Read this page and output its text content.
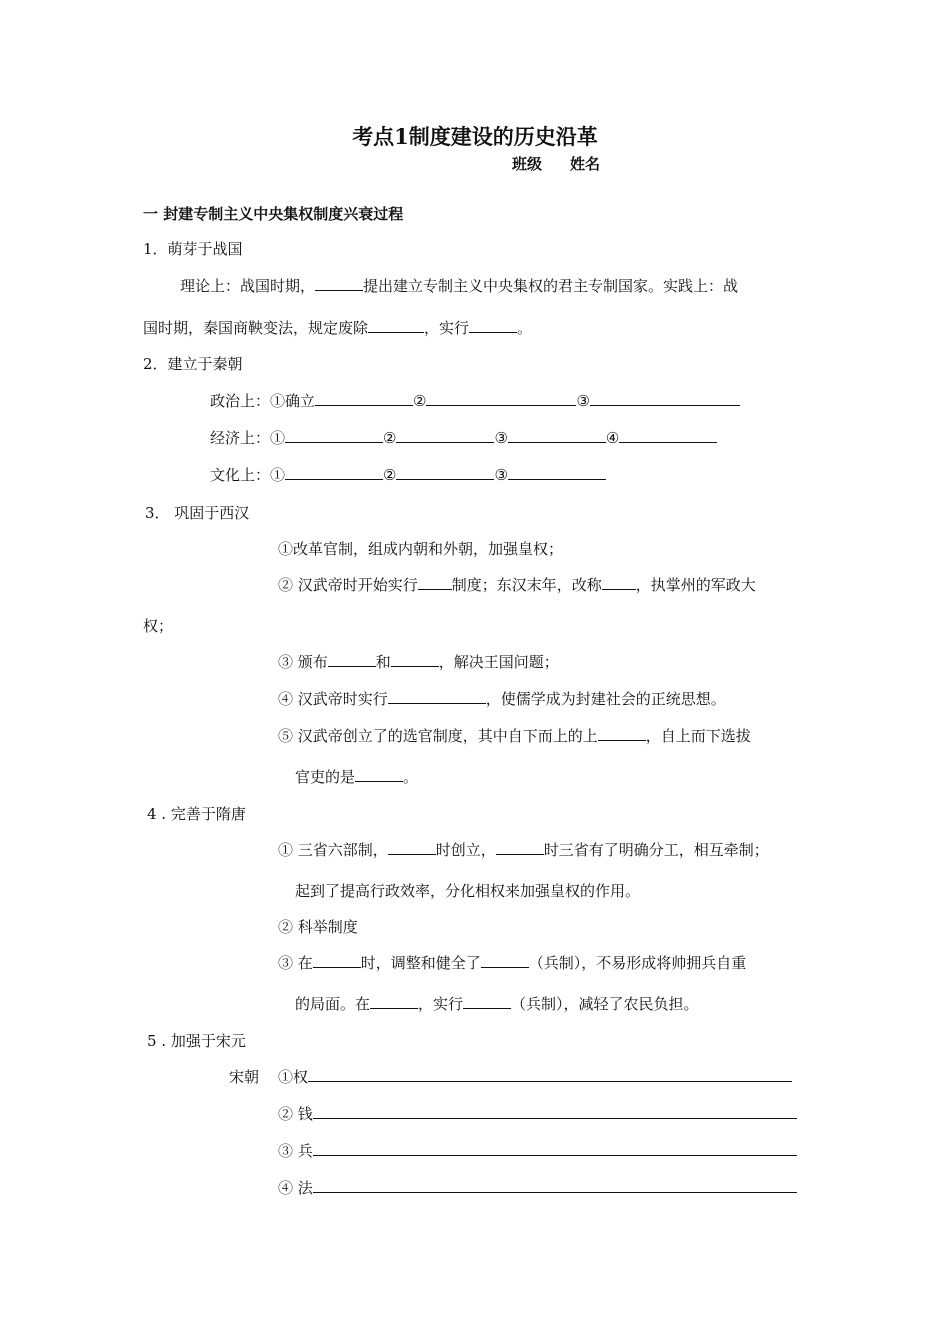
考点1制度建设的历史沿革
班级 姓名
一 封建专制主义中央集权制度兴衰过程
1．萌芽于战国
理论上：战国时期，	提出建立专制主义中央集权的君主专制国家。实践上：战
国时期，秦国商鞅变法，规定废除	，实行	。
2．建立于秦朝
政治上：①确立	②	③
经济上：①	②	③	④
文化上：①	②	③
3． 巩固于西汉
①改革官制，组成内朝和外朝，加强皇权；
② 汉武帝时开始实行 制度；东汉末年，改称 ，执掌州的军政大
权；
③ 颁布	和	，解决王国问题；
④ 汉武帝时实行	，使儒学成为封建社会的正统思想。
⑤ 汉武帝创立了的选官制度，其中自下而上的上	，自上而下选拔
官吏的是	。
4 . 完善于隋唐
① 三省六部制，	时创立，	时三省有了明确分工，相互牵制；
起到了提高行政效率，分化相权来加强皇权的作用。
② 科举制度
③ 在	时，调整和健全了	（兵制），不易形成将帅拥兵自重
的局面。在	，实行	（兵制），减轻了农民负担。
5 . 加强于宋元
宋朝 ①权
② 钱
③ 兵
④ 法
